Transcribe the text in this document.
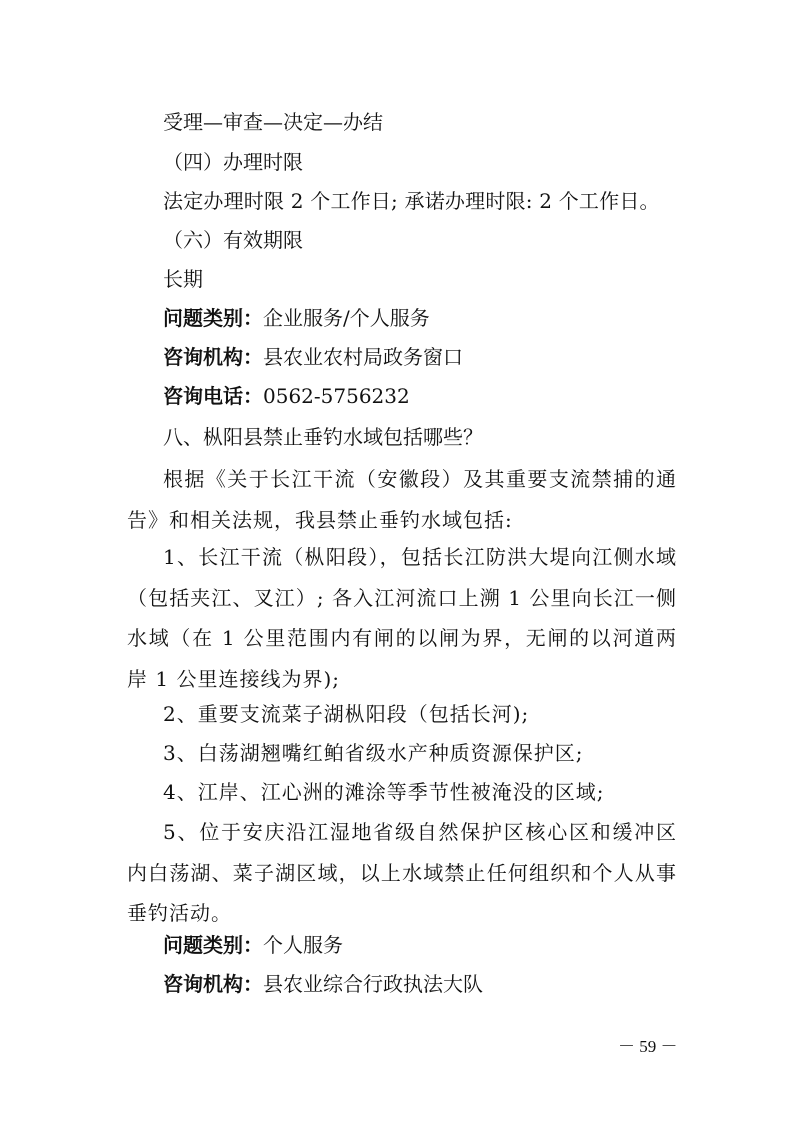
受理—审查—决定—办结
（四）办理时限
法定办理时限 2 个工作日; 承诺办理时限: 2 个工作日。
（六）有效期限
长期
问题类别：企业服务/个人服务
咨询机构：县农业农村局政务窗口
咨询电话：0562-5756232
八、枞阳县禁止垂钓水域包括哪些？
根据《关于长江干流（安徽段）及其重要支流禁捕的通告》和相关法规，我县禁止垂钓水域包括:
1、长江干流（枞阳段），包括长江防洪大堤向江侧水域（包括夹江、叉江）; 各入江河流口上溯 1 公里向长江一侧水域（在 1 公里范围内有闸的以闸为界，无闸的以河道两岸 1 公里连接线为界);
2、重要支流菜子湖枞阳段（包括长河);
3、白荡湖翘嘴红鲌省级水产种质资源保护区;
4、江岸、江心洲的滩涂等季节性被淹没的区域;
5、位于安庆沿江湿地省级自然保护区核心区和缓冲区内白荡湖、菜子湖区域，以上水域禁止任何组织和个人从事垂钓活动。
问题类别：个人服务
咨询机构：县农业综合行政执法大队
－ 59 －
